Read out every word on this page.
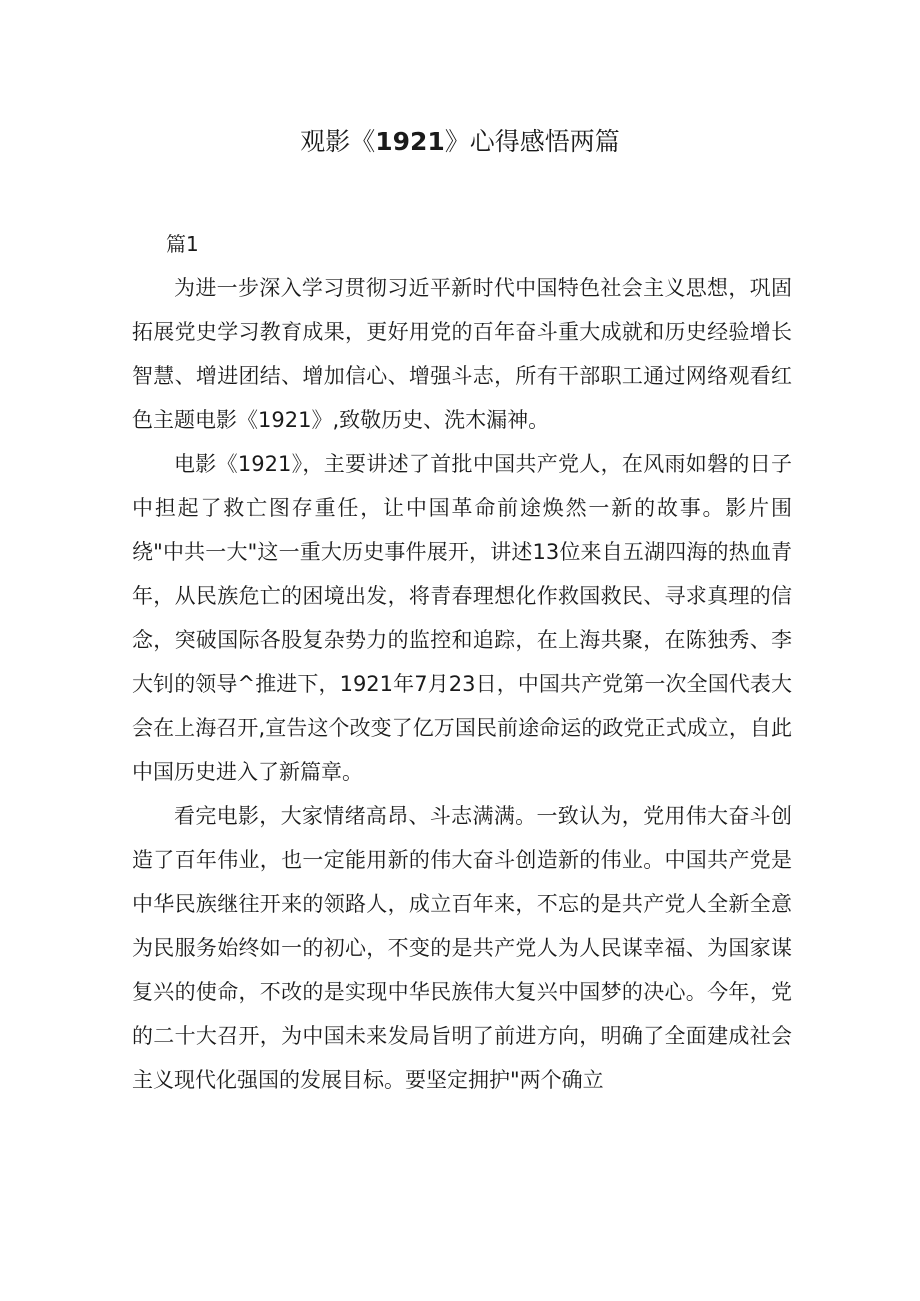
观影《1921》心得感悟两篇
篇1

为进一步深入学习贯彻习近平新时代中国特色社会主义思想，巩固拓展党史学习教育成果，更好用党的百年奋斗重大成就和历史经验增长智慧、增进团结、增加信心、增强斗志，所有干部职工通过网络观看红色主题电影《1921》,致敬历史、洗木漏神。

电影《1921》，主要讲述了首批中国共产党人，在风雨如磐的日子中担起了救亡图存重任，让中国革命前途焕然一新的故事。影片围绕"中共一大"这一重大历史事件展开，讲述13位来自五湖四海的热血青年，从民族危亡的困境出发，将青春理想化作救国救民、寻求真理的信念，突破国际各股复杂势力的监控和追踪，在上海共聚，在陈独秀、李大钊的领导^推进下，1921年7月23日，中国共产党第一次全国代表大会在上海召开,宣告这个改变了亿万国民前途命运的政党正式成立，自此中国历史进入了新篇章。

看完电影，大家情绪高昂、斗志满满。一致认为，党用伟大奋斗创造了百年伟业，也一定能用新的伟大奋斗创造新的伟业。中国共产党是中华民族继往开来的领路人，成立百年来，不忘的是共产党人全新全意为民服务始终如一的初心，不变的是共产党人为人民谋幸福、为国家谋复兴的使命，不改的是实现中华民族伟大复兴中国梦的决心。今年，党的二十大召开，为中国未来发局旨明了前进方向，明确了全面建成社会主义现代化强国的发展目标。要坚定拥护"两个确立
